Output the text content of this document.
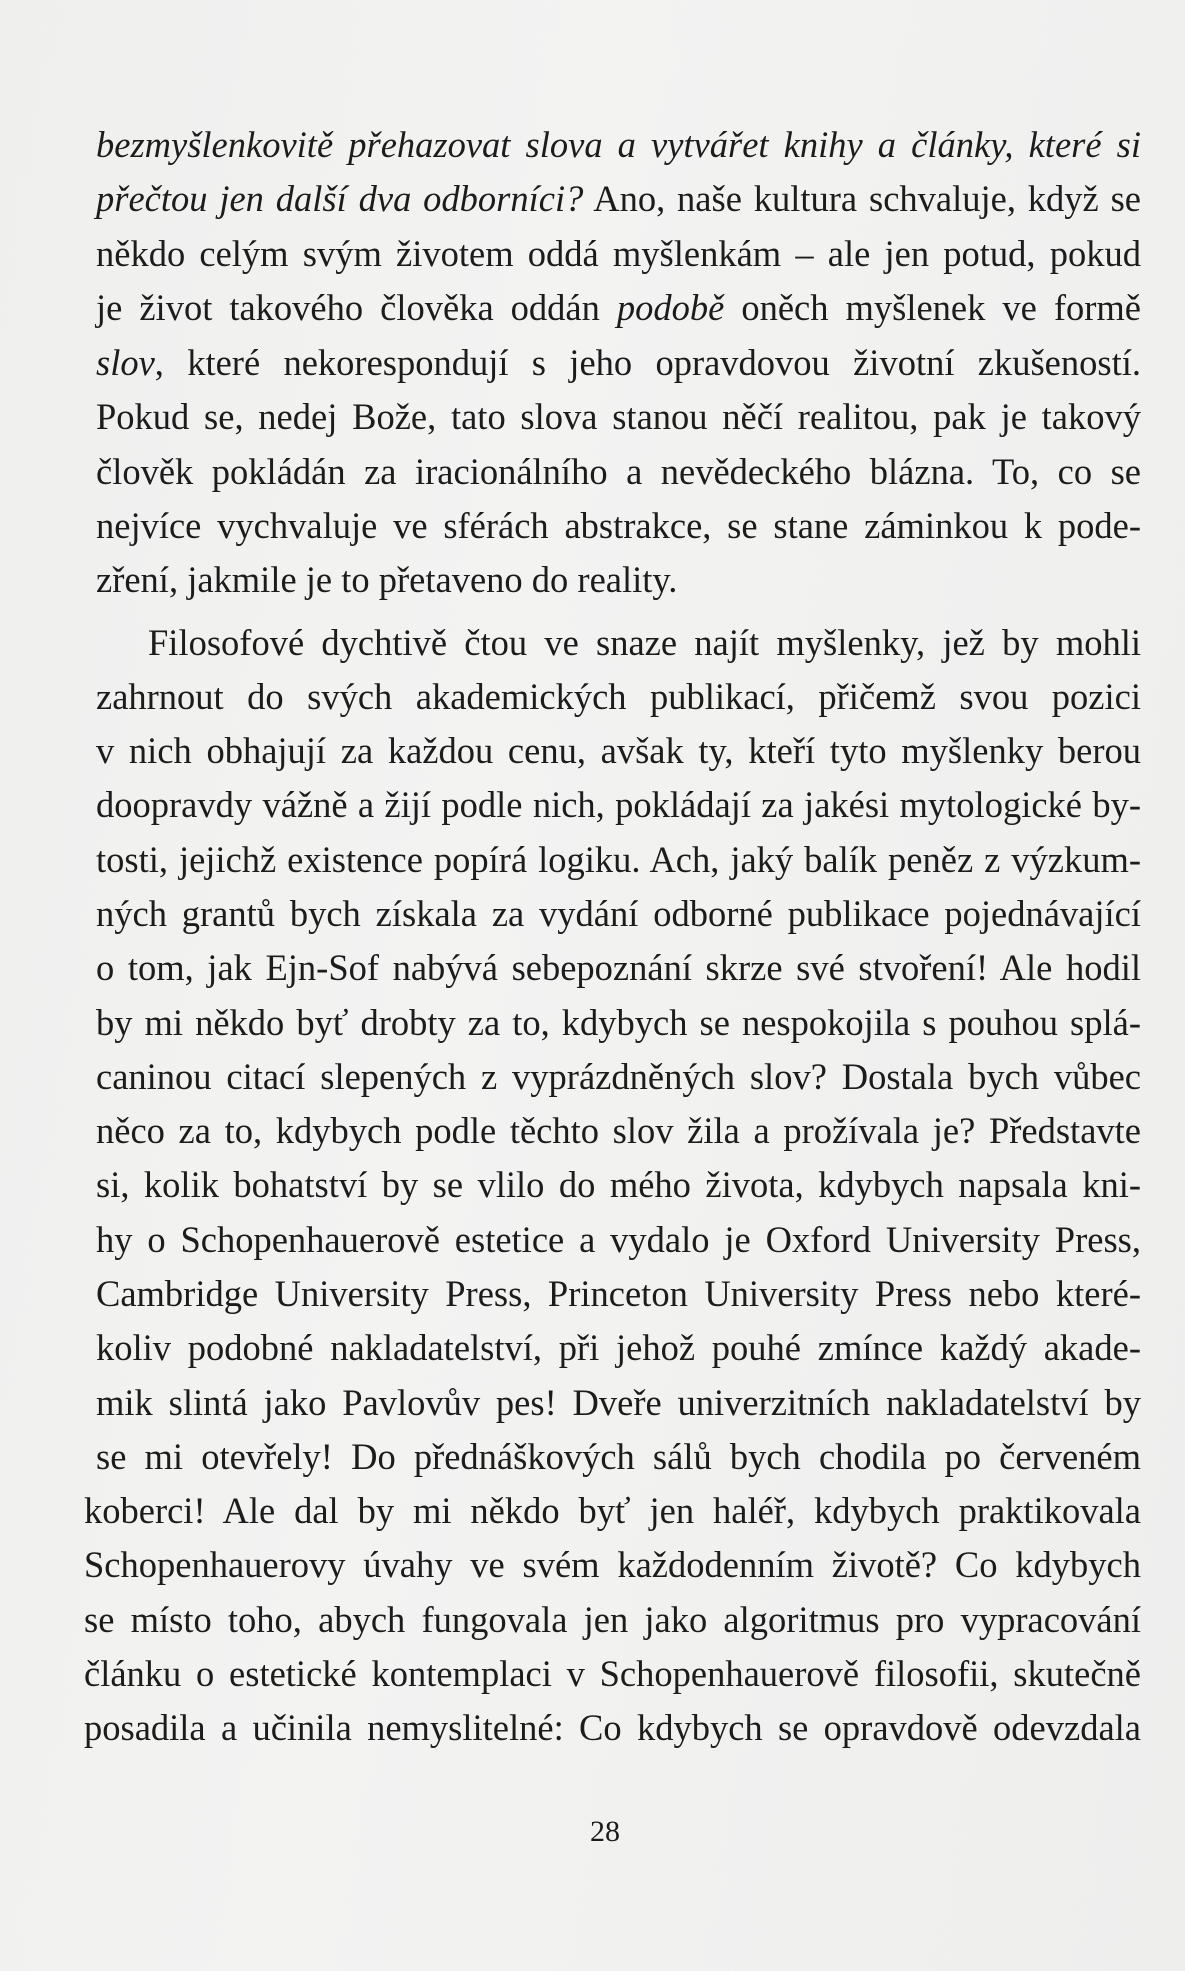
bezmyšlenkovitě přehazovat slova a vytvářet knihy a články, které si
přečtou jen další dva odborníci? Ano, naše kultura schvaluje, když se
někdo celým svým životem oddá myšlenkám – ale jen potud, pokud
je život takového člověka oddán podobě oněch myšlenek ve formě
slov, které nekorespondují s jeho opravdovou životní zkušeností.
Pokud se, nedej Bože, tato slova stanou něčí realitou, pak je takový
člověk pokládán za iracionálního a nevědeckého blázna. To, co se
nejvíce vychvaluje ve sférách abstrakce, se stane záminkou k pode-
zření, jakmile je to přetaveno do reality.
Filosofové dychtivě čtou ve snaze najít myšlenky, jež by mohli
zahrnout do svých akademických publikací, přičemž svou pozici
v nich obhajují za každou cenu, avšak ty, kteří tyto myšlenky berou
doopravdy vážně a žijí podle nich, pokládají za jakési mytologické by-
tosti, jejichž existence popírá logiku. Ach, jaký balík peněz z výzkum-
ných grantů bych získala za vydání odborné publikace pojednávající
o tom, jak Ejn-Sof nabývá sebepoznání skrze své stvoření! Ale hodil
by mi někdo byť drobty za to, kdybych se nespokojila s pouhou splá-
caninou citací slepených z vyprázdněných slov? Dostala bych vůbec
něco za to, kdybych podle těchto slov žila a prožívala je? Představte
si, kolik bohatství by se vlilo do mého života, kdybych napsala kni-
hy o Schopenhauerově estetice a vydalo je Oxford University Press,
Cambridge University Press, Princeton University Press nebo které-
koliv podobné nakladatelství, při jehož pouhé zmínce každý akade-
mik slintá jako Pavlovův pes! Dveře univerzitních nakladatelství by
se mi otevřely! Do přednáškových sálů bych chodila po červeném
koberci! Ale dal by mi někdo byť jen haléř, kdybych praktikovala
Schopenhauerovy úvahy ve svém každodenním životě? Co kdybych
se místo toho, abych fungovala jen jako algoritmus pro vypracování
článku o estetické kontemplaci v Schopenhauerově filosofii, skutečně
posadila a učinila nemyslitelné: Co kdybych se opravdově odevzdala
28
